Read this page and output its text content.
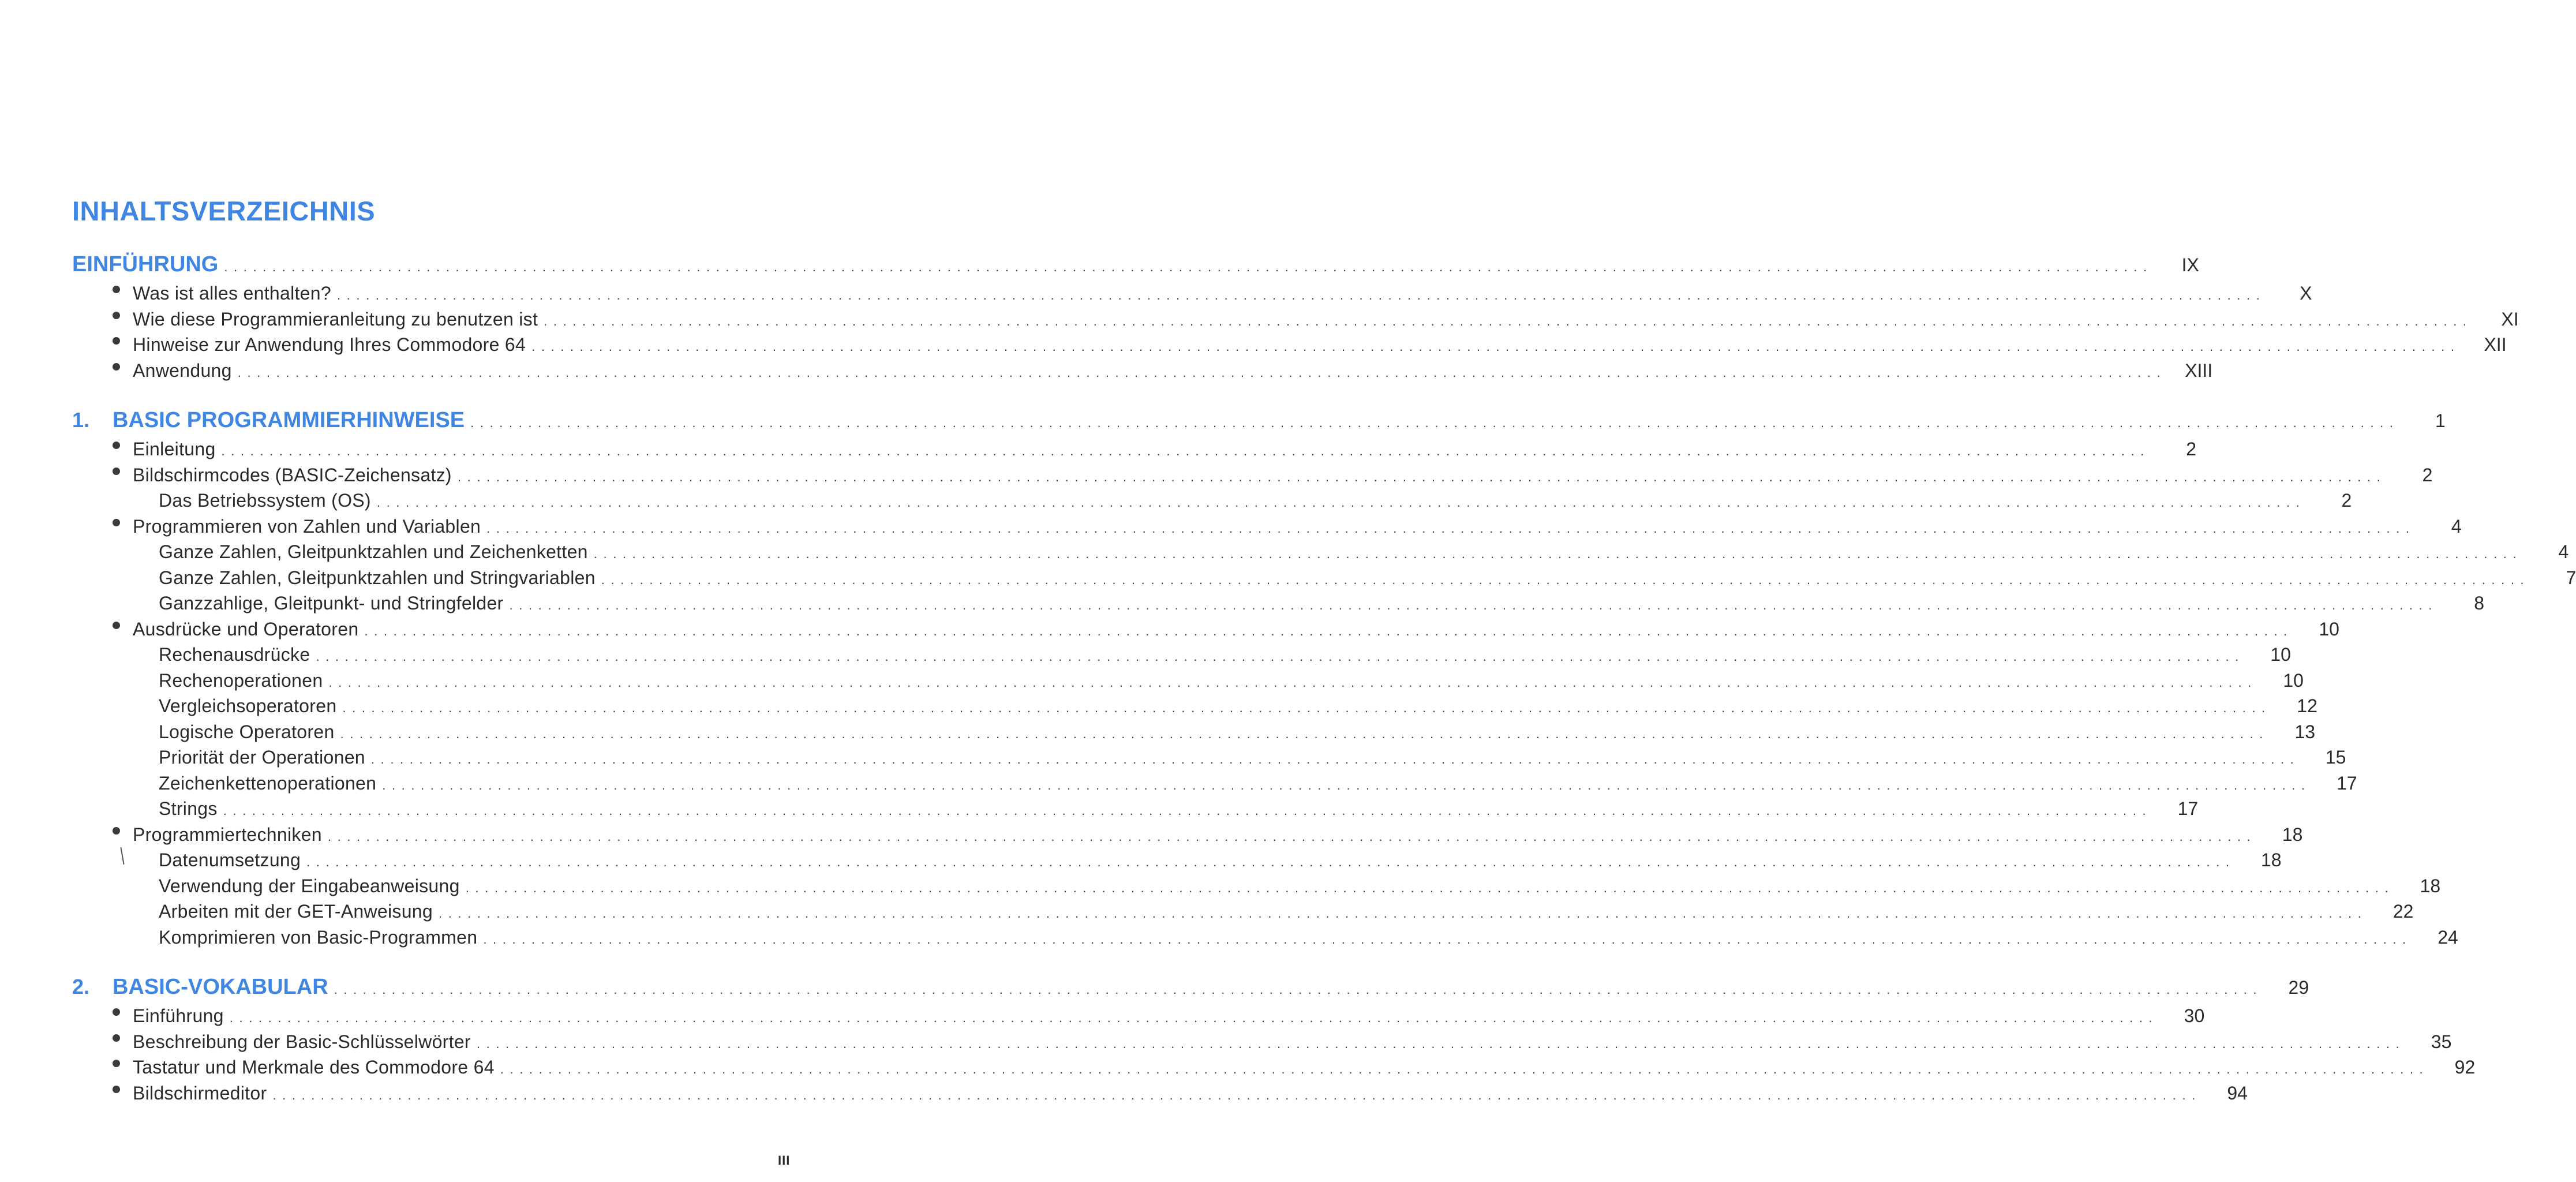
INHALTSVERZEICHNIS
EINFÜHRUNG ........................................................................................................................................................................................................	IX
Was ist alles enthalten? ........................................................................................................................................................................................................	X
Wie diese Programmieranleitung zu benutzen ist ........................................................................................................................................................................................................	XI
Hinweise zur Anwendung Ihres Commodore 64 ........................................................................................................................................................................................................	XII
Anwendung ........................................................................................................................................................................................................ XIII
1.	BASIC PROGRAMMIERHINWEISE ........................................................................................................................................................................................................	1
Einleitung ........................................................................................................................................................................................................	2
Bildschirmcodes (BASIC-Zeichensatz) ........................................................................................................................................................................................................	2
Das Betriebssystem (OS) ........................................................................................................................................................................................................	2
Programmieren von Zahlen und Variablen ........................................................................................................................................................................................................	4
Ganze Zahlen, Gleitpunktzahlen und Zeichenketten ........................................................................................................................................................................................................	4
Ganze Zahlen, Gleitpunktzahlen und Stringvariablen ........................................................................................................................................................................................................	7
Ganzzahlige, Gleitpunkt- und Stringfelder ........................................................................................................................................................................................................	8
Ausdrücke und Operatoren ........................................................................................................................................................................................................	10
Rechenausdrücke ........................................................................................................................................................................................................	10
Rechenoperationen ........................................................................................................................................................................................................	10
Vergleichsoperatoren ........................................................................................................................................................................................................	12
Logische Operatoren ........................................................................................................................................................................................................	13
Priorität der Operationen ........................................................................................................................................................................................................	15
Zeichenkettenoperationen ........................................................................................................................................................................................................	17
Strings ........................................................................................................................................................................................................	17
Programmiertechniken ........................................................................................................................................................................................................	18
Datenumsetzung ........................................................................................................................................................................................................	18
Verwendung der Eingabeanweisung ........................................................................................................................................................................................................	18
Arbeiten mit der GET-Anweisung ........................................................................................................................................................................................................	22
Komprimieren von Basic-Programmen ........................................................................................................................................................................................................	24
2.	BASIC-VOKABULAR ........................................................................................................................................................................................................	29
Einführung ........................................................................................................................................................................................................	30
Beschreibung der Basic-Schlüsselwörter ........................................................................................................................................................................................................	35
Tastatur und Merkmale des Commodore 64 ........................................................................................................................................................................................................	92
Bildschirmeditor ........................................................................................................................................................................................................	94
III
